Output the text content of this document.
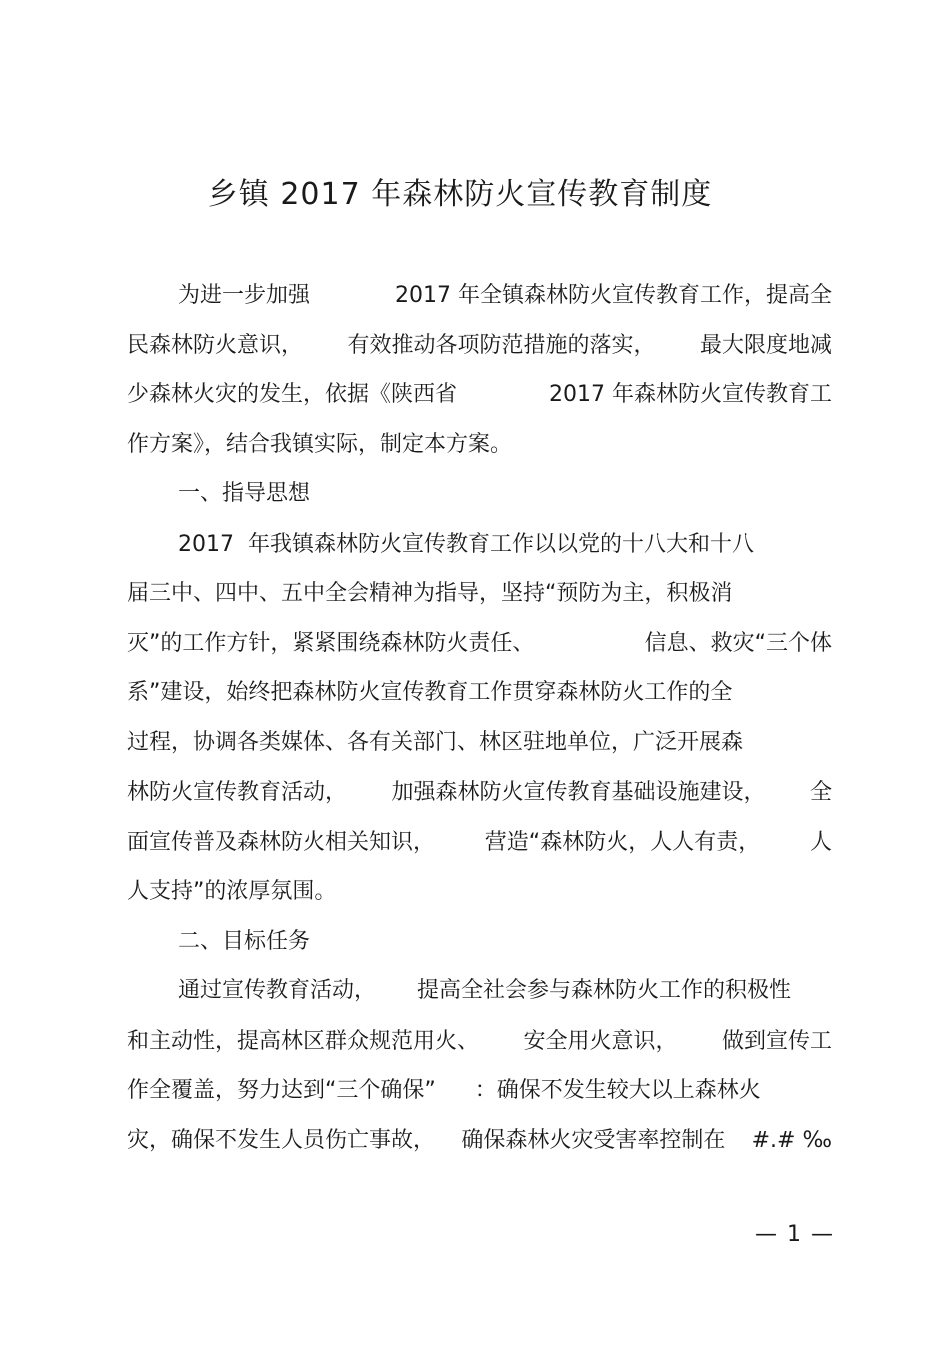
乡镇 2017 年森林防火宣传教育制度
为进一步加强	2017 年全镇森林防火宣传教育工作，提高全
民森林防火意识， 有效推动各项防范措施的落实， 最大限度地减
少森林火灾的发生，依据《陕西省	2017 年森林防火宣传教育工
作方案》，结合我镇实际，制定本方案。
一、指导思想
2017  年我镇森林防火宣传教育工作以以党的十八大和十八
届三中、四中、五中全会精神为指导，坚持“预防为主，积极消
灭”的工作方针，紧紧围绕森林防火责任、	信息、救灾“三个体
系”建设，始终把森林防火宣传教育工作贯穿森林防火工作的全
过程，协调各类媒体、各有关部门、林区驻地单位，广泛开展森
林防火宣传教育活动， 加强森林防火宣传教育基础设施建设， 全
面宣传普及森林防火相关知识， 营造“森林防火，人人有责， 人
人支持”的浓厚氛围。
二、目标任务
通过宣传教育活动， 提高全社会参与森林防火工作的积极性
和主动性，提高林区群众规范用火、 安全用火意识， 做到宣传工
作全覆盖，努力达到“三个确保” ：确保不发生较大以上森林火
灾，确保不发生人员伤亡事故， 确保森林火灾受害率控制在 #.# ‰
— 1 —
